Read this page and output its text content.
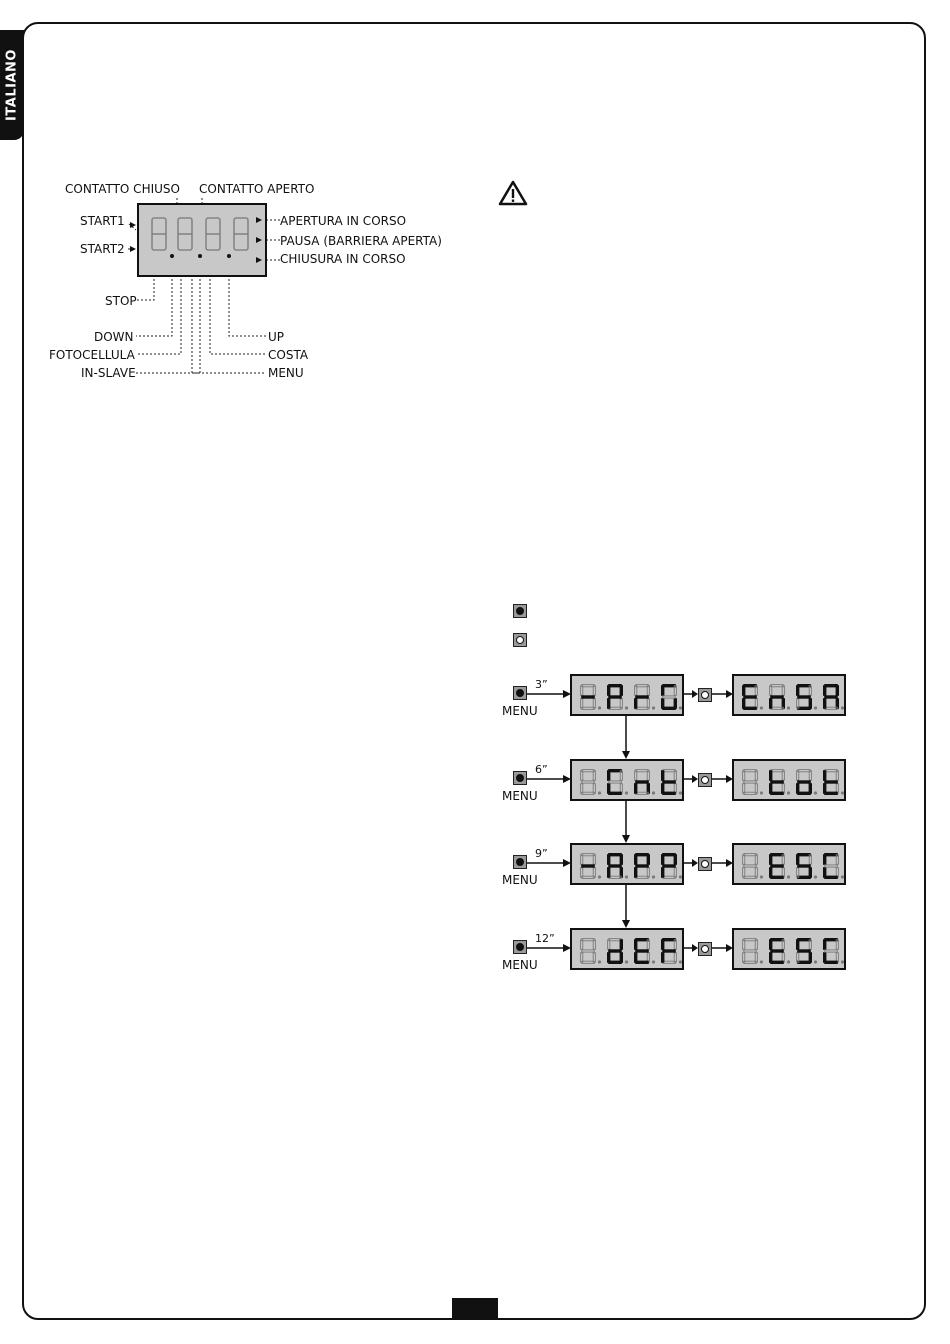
ITALIANO
CONTATTO CHIUSO CONTATTO APERTO
START1
START2
APERTURA IN CORSO
PAUSA (BARRIERA APERTA)
CHIUSURA IN CORSO
STOP
DOWN
FOTOCELLULA
IN-SLAVE
UP
COSTA
MENU
MENU
3”
MENU
6”
MENU
9”
MENU
12”
